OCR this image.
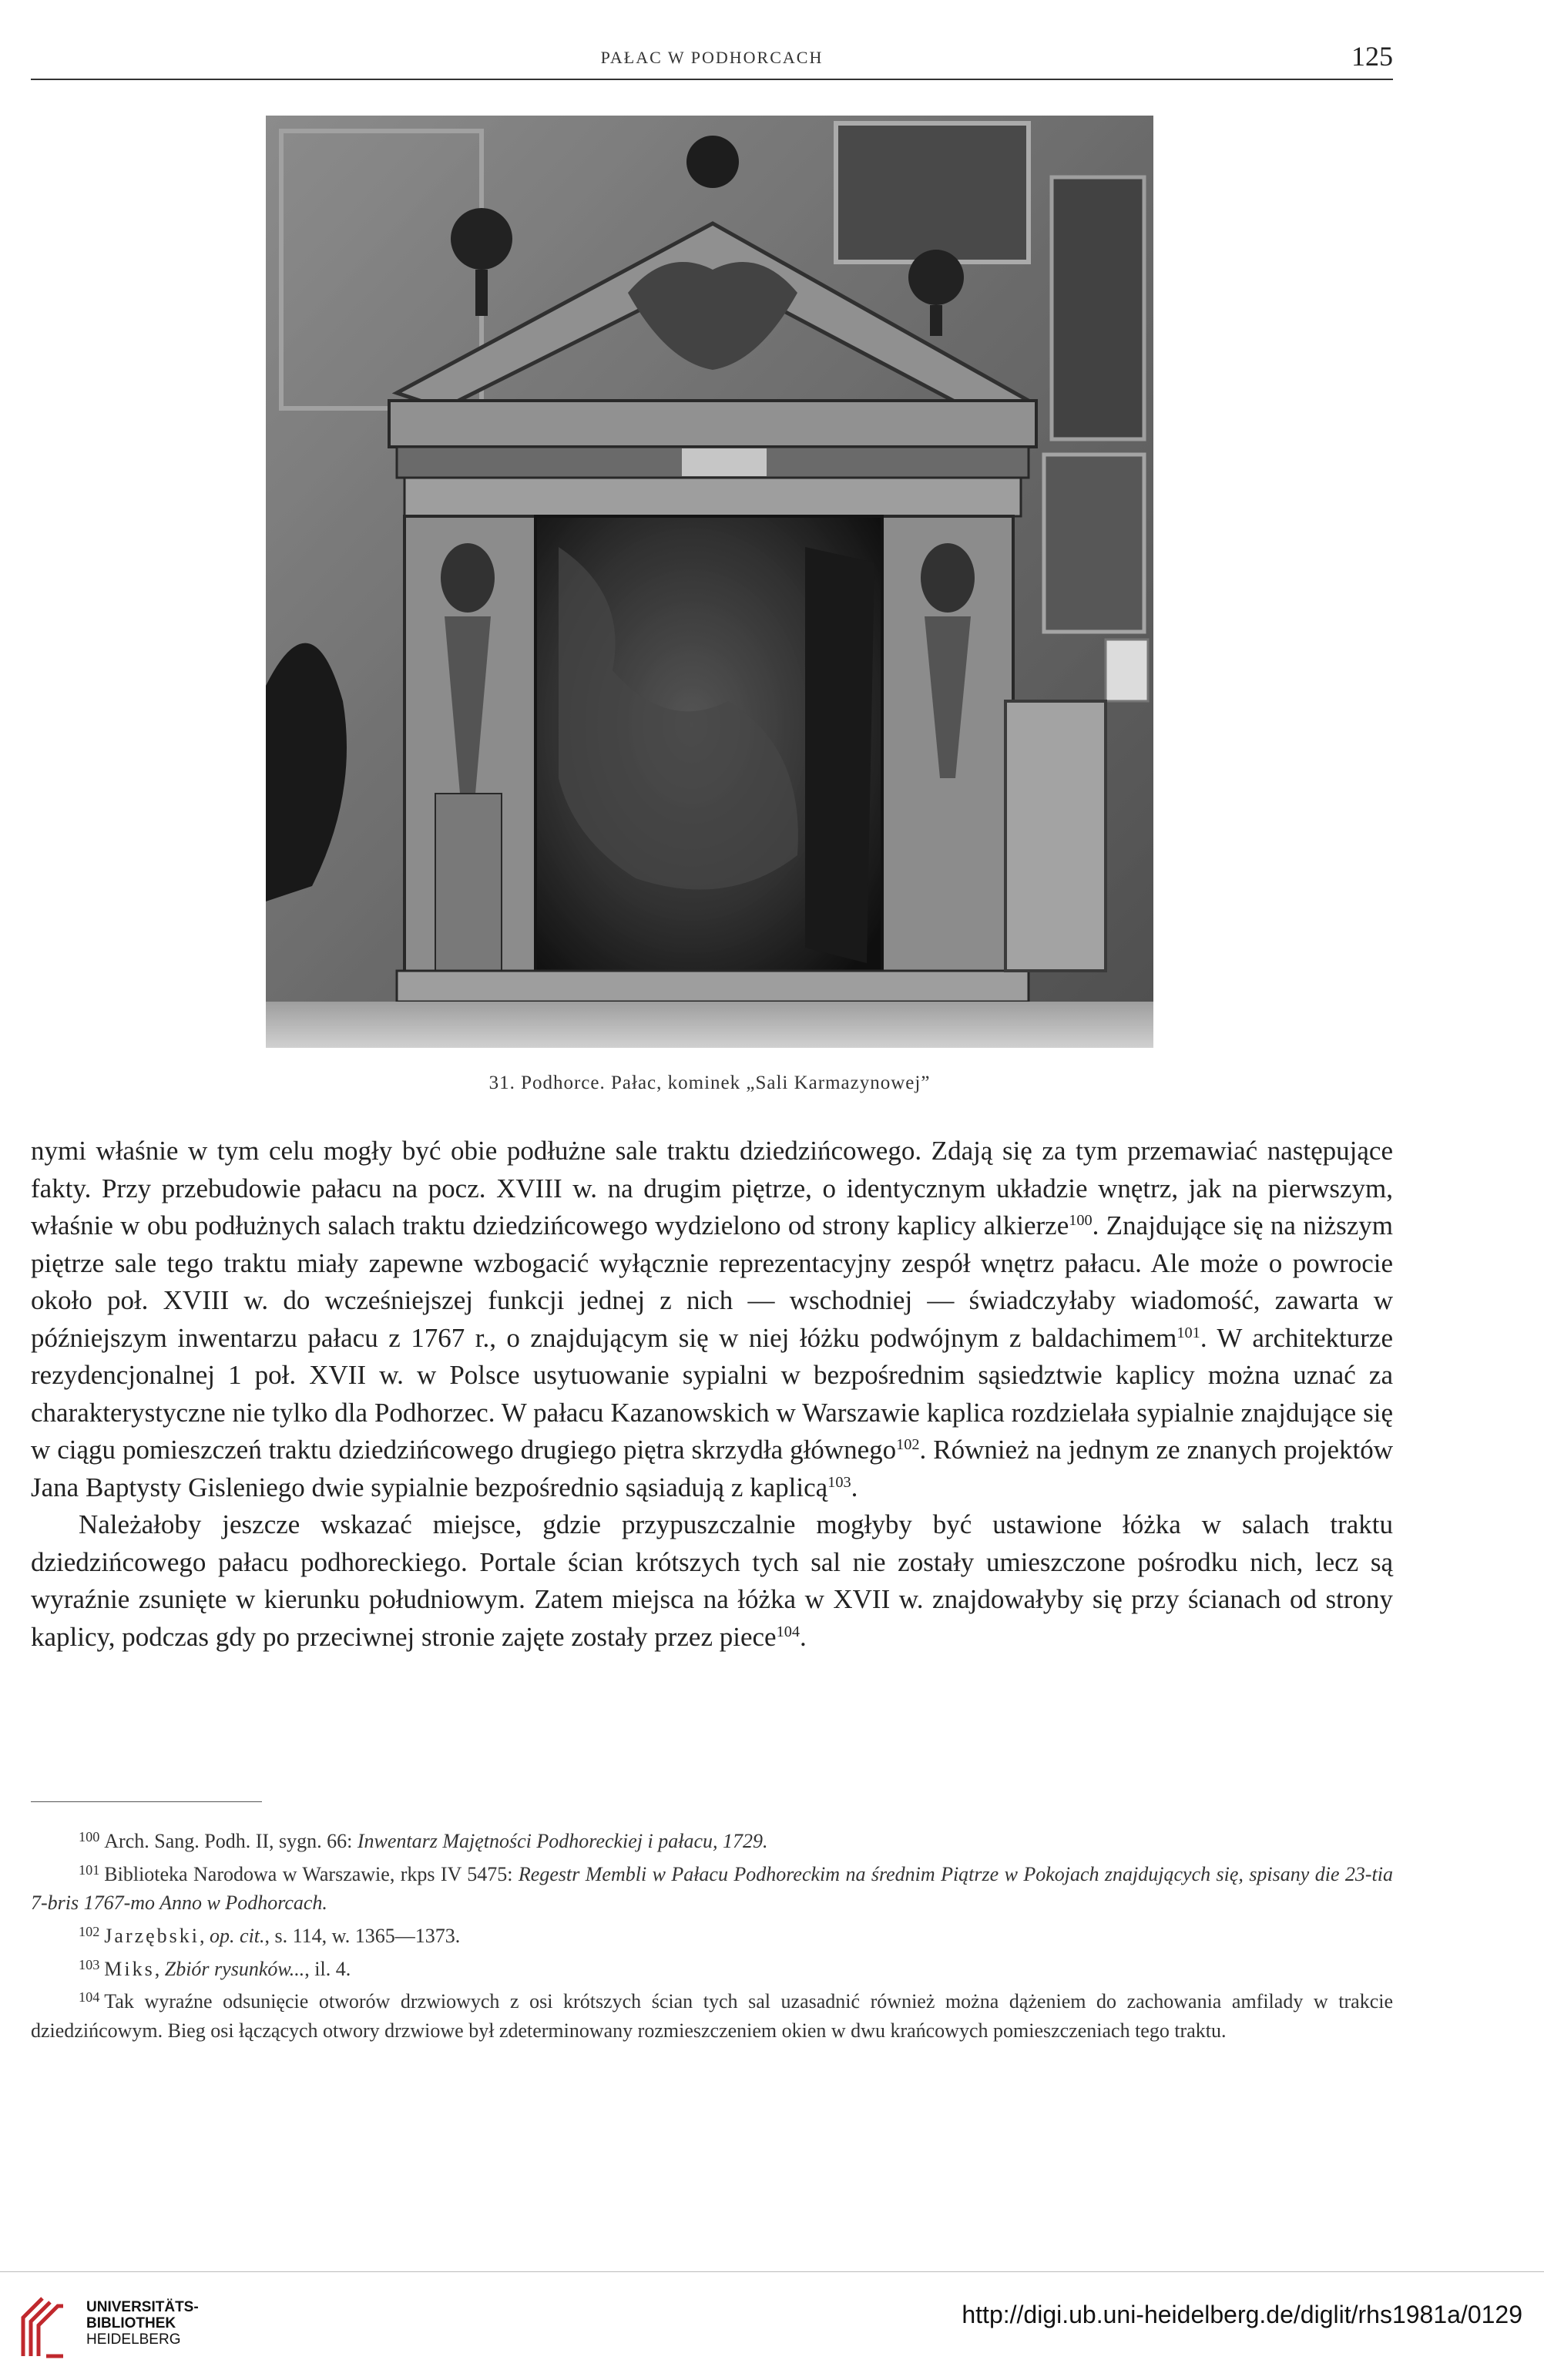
PAŁAC W PODHORCACH	125
31. Podhorce. Pałac, kominek „Sali Karmazynowej”

nymi właśnie w tym celu mogły być obie podłużne sale traktu dziedzińcowego. Zdają się za tym przemawiać następujące fakty. Przy przebudowie pałacu na pocz. XVIII w. na drugim piętrze, o identycznym układzie wnętrz, jak na pierwszym, właśnie w obu podłużnych salach traktu dziedzińcowego wydzielono od strony kaplicy alkierze$^{100}$. Znajdujące się na niższym piętrze sale tego traktu miały zapewne wzbogacić wyłącznie reprezentacyjny zespół wnętrz pałacu. Ale może o powrocie około poł. XVIII w. do wcześniejszej funkcji jednej z nich — wschodniej — świadczyłaby wiadomość, zawarta w późniejszym inwentarzu pałacu z 1767 r., o znajdującym się w niej łóżku podwójnym z baldachimem$^{101}$. W architekturze rezydencjonalnej 1 poł. XVII w. w Polsce usytuowanie sypialni w bezpośrednim sąsiedztwie kaplicy można uznać za charakterystyczne nie tylko dla Podhorzec. W pałacu Kazanowskich w Warszawie kaplica rozdzielała sypialnie znajdujące się w ciągu pomieszczeń traktu dziedzińcowego drugiego piętra skrzydła głównego$^{102}$. Również na jednym ze znanych projektów Jana Baptysty Gisleniego dwie sypialnie bezpośrednio sąsiadują z kaplicą$^{103}$.

Należałoby jeszcze wskazać miejsce, gdzie przypuszczalnie mogłyby być ustawione łóżka w salach traktu dziedzińcowego pałacu podhoreckiego. Portale ścian krótszych tych sal nie zostały umieszczone pośrodku nich, lecz są wyraźnie zsunięte w kierunku południowym. Zatem miejsca na łóżka w XVII w. znajdowałyby się przy ścianach od strony kaplicy, podczas gdy po przeciwnej stronie zajęte zostały przez piece$^{104}$.

$^{100}$ Arch. Sang. Podh. II, sygn. 66: Inwentarz Majętności Podhoreckiej i pałacu, 1729.

$^{101}$ Biblioteka Narodowa w Warszawie, rkps IV 5475: Regestr Membli w Pałacu Podhoreckim na średnim Piątrze w Pokojach znajdujących się, spisany die 23-tia 7-bris 1767-mo Anno w Podhorcach.

$^{102}$ Jarzębski, op. cit., s. 114, w. 1365—1373.

$^{103}$ Miks, Zbiór rysunków..., il. 4.

$^{104}$ Tak wyraźne odsunięcie otworów drzwiowych z osi krótszych ścian tych sal uzasadnić również można dążeniem do zachowania amfilady w trakcie dziedzińcowym. Bieg osi łączących otwory drzwiowe był zdeterminowany rozmieszczeniem okien w dwu krańcowych pomieszczeniach tego traktu.

UNIVERSITÄTS-
BIBLIOTHEK
HEIDELBERG
http://digi.ub.uni-heidelberg.de/diglit/rhs1981a/0129
